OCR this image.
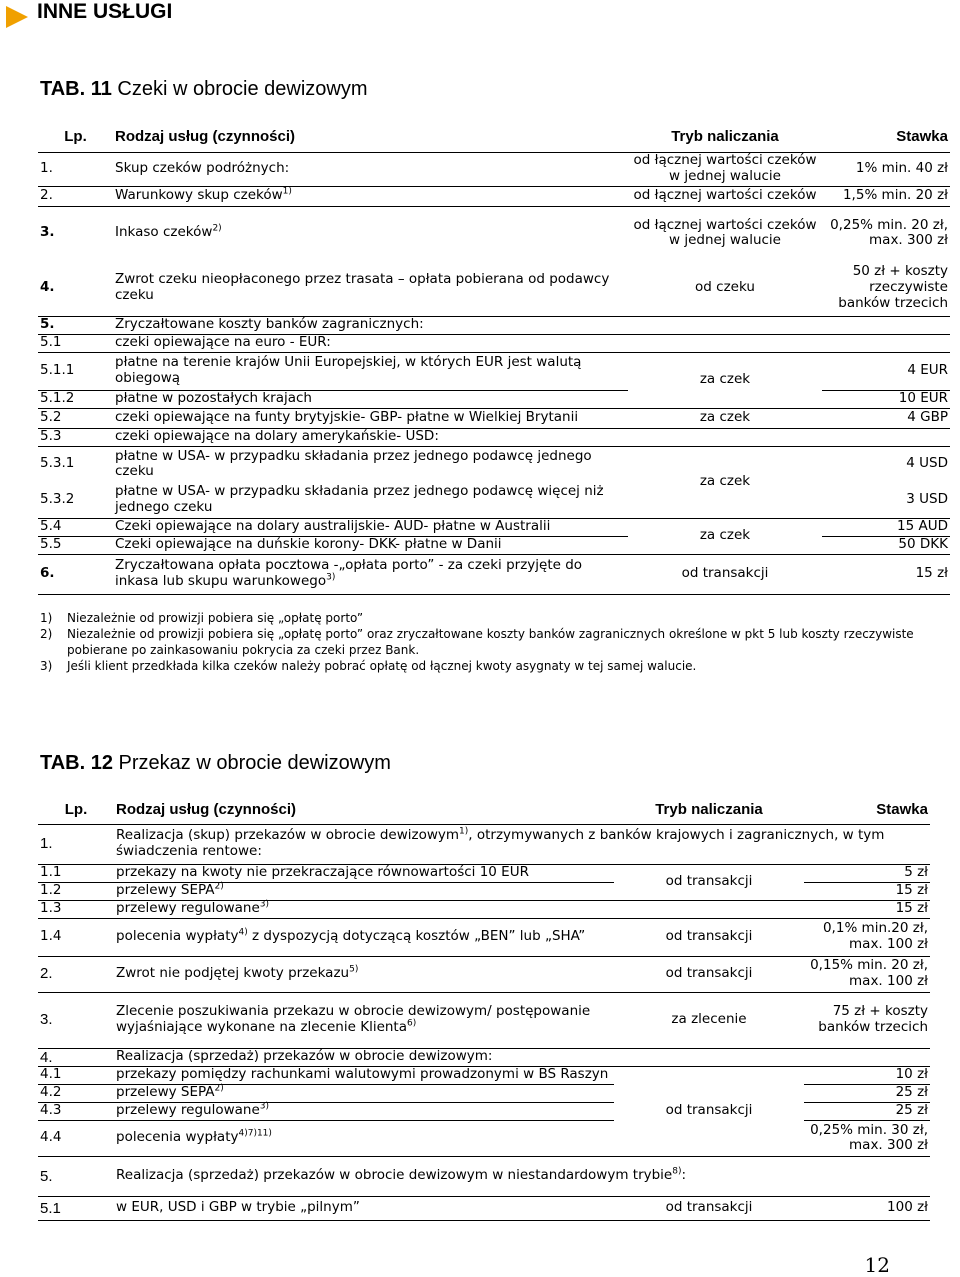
INNE USŁUGI
TAB. 11 Czeki w obrocie dewizowym
Lp.	Rodzaj usług (czynności)	Tryb naliczania	Stawka
1.	Skup czeków podróżnych:	od łącznej wartości czeków w jednej walucie	1% min. 40 zł
2.	Warunkowy skup czeków$^{1)}$	od łącznej wartości czeków	1,5% min. 20 zł
3.	Inkaso czeków$^{2)}$	od łącznej wartości czeków w jednej walucie	0,25% min. 20 zł, max. 300 zł
4.	Zwrot czeku nieopłaconego przez trasata – opłata pobierana od podawcy czeku	od czeku	50 zł + koszty rzeczywiste banków trzecich
5.	Zryczałtowane koszty banków zagranicznych:		
5.1	czeki opiewające na euro - EUR:		
5.1.1	płatne na terenie krajów Unii Europejskiej, w których EUR jest walutą obiegową	za czek	4 EUR
5.1.2	płatne w pozostałych krajach		10 EUR
5.2	czeki opiewające na funty brytyjskie- GBP- płatne w Wielkiej Brytanii	za czek	4 GBP
5.3	czeki opiewające na dolary amerykańskie- USD:		
5.3.1	płatne w USA- w przypadku składania przez jednego podawcę jednego czeku	za czek	4 USD
5.3.2	płatne w USA- w przypadku składania przez jednego podawcę więcej niż jednego czeku		3 USD
5.4	Czeki opiewające na dolary australijskie- AUD- płatne w Australii	za czek	15 AUD
5.5	Czeki opiewające na duńskie korony- DKK- płatne w Danii		50 DKK
6.	Zryczałtowana opłata pocztowa -„opłata porto” - za czeki przyjęte do inkasa lub skupu warunkowego$^{3)}$	od transakcji	15 zł
1)	Niezależnie od prowizji pobiera się „opłatę porto”
2)	Niezależnie od prowizji pobiera się „opłatę porto” oraz zryczałtowane koszty banków zagranicznych określone w pkt 5 lub koszty rzeczywiste pobierane po zainkasowaniu pokrycia za czeki przez Bank.
3)	Jeśli klient przedkłada kilka czeków należy pobrać opłatę od łącznej kwoty asygnaty w tej samej walucie.
TAB. 12 Przekaz w obrocie dewizowym
Lp.	Rodzaj usług (czynności)	Tryb naliczania	Stawka
1.	Realizacja (skup) przekazów w obrocie dewizowym$^{1)}$, otrzymywanych z banków krajowych i zagranicznych, w tym świadczenia rentowe:		
1.1	przekazy na kwoty nie przekraczające równowartości 10 EUR	od transakcji	5 zł
1.2	przelewy SEPA$^{2)}$		15 zł
1.3	przelewy regulowane$^{3)}$		15 zł
1.4	polecenia wypłaty$^{4)}$ z dyspozycją dotyczącą kosztów „BEN” lub „SHA”	od transakcji	0,1% min.20 zł, max. 100 zł
2.	Zwrot nie podjętej kwoty przekazu$^{5)}$	od transakcji	0,15% min. 20 zł, max. 100 zł
3.	Zlecenie poszukiwania przekazu w obrocie dewizowym/ postępowanie wyjaśniające wykonane na zlecenie Klienta$^{6)}$	za zlecenie	75 zł + koszty banków trzecich
4.	Realizacja (sprzedaż) przekazów w obrocie dewizowym:		
4.1	przekazy pomiędzy rachunkami walutowymi prowadzonymi w BS Raszyn	od transakcji	10 zł
4.2	przelewy SEPA$^{2)}$		25 zł
4.3	przelewy regulowane$^{3)}$		25 zł
4.4	polecenia wypłaty$^{4)7)11)}$		0,25% min. 30 zł, max. 300 zł
5.	Realizacja (sprzedaż) przekazów w obrocie dewizowym w niestandardowym trybie$^{8)}$:		
5.1	w EUR, USD i GBP w trybie „pilnym”	od transakcji	100 zł
12
